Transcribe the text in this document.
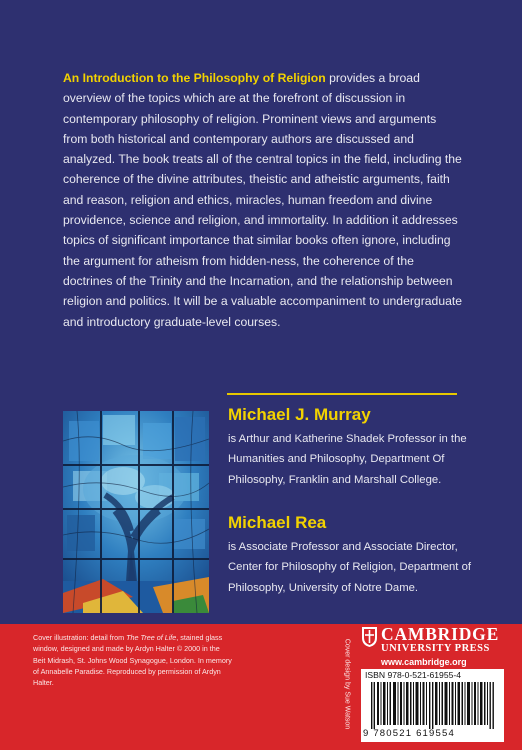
An Introduction to the Philosophy of Religion provides a broad overview of the topics which are at the forefront of discussion in contemporary philosophy of religion. Prominent views and arguments from both historical and contemporary authors are discussed and analyzed. The book treats all of the central topics in the field, including the coherence of the divine attributes, theistic and atheistic arguments, faith and reason, religion and ethics, miracles, human freedom and divine providence, science and religion, and immortality. In addition it addresses topics of significant importance that similar books often ignore, including the argument for atheism from hidden-ness, the coherence of the doctrines of the Trinity and the Incarnation, and the relationship between religion and politics. It will be a valuable accompaniment to undergraduate and introductory graduate-level courses.

Michael J. Murray

is Arthur and Katherine Shadek Professor in the Humanities and Philosophy, Department Of Philosophy, Franklin and Marshall College.

Michael Rea

is Associate Professor and Associate Director, Center for Philosophy of Religion, Department of Philosophy, University of Notre Dame.

Cover illustration: detail from The Tree of Life, stained glass window, designed and made by Ardyn Halter © 2000 in the Beit Midrash, St. Johns Wood Synagogue, London. In memory of Annabelle Paradise. Reproduced by permission of Ardyn Halter.	Cover design by Sue Watson
CAMBRIDGE
UNIVERSITY PRESS
www.cambridge.org
ISBN 978-0-521-61955-4
9 780521 619554
